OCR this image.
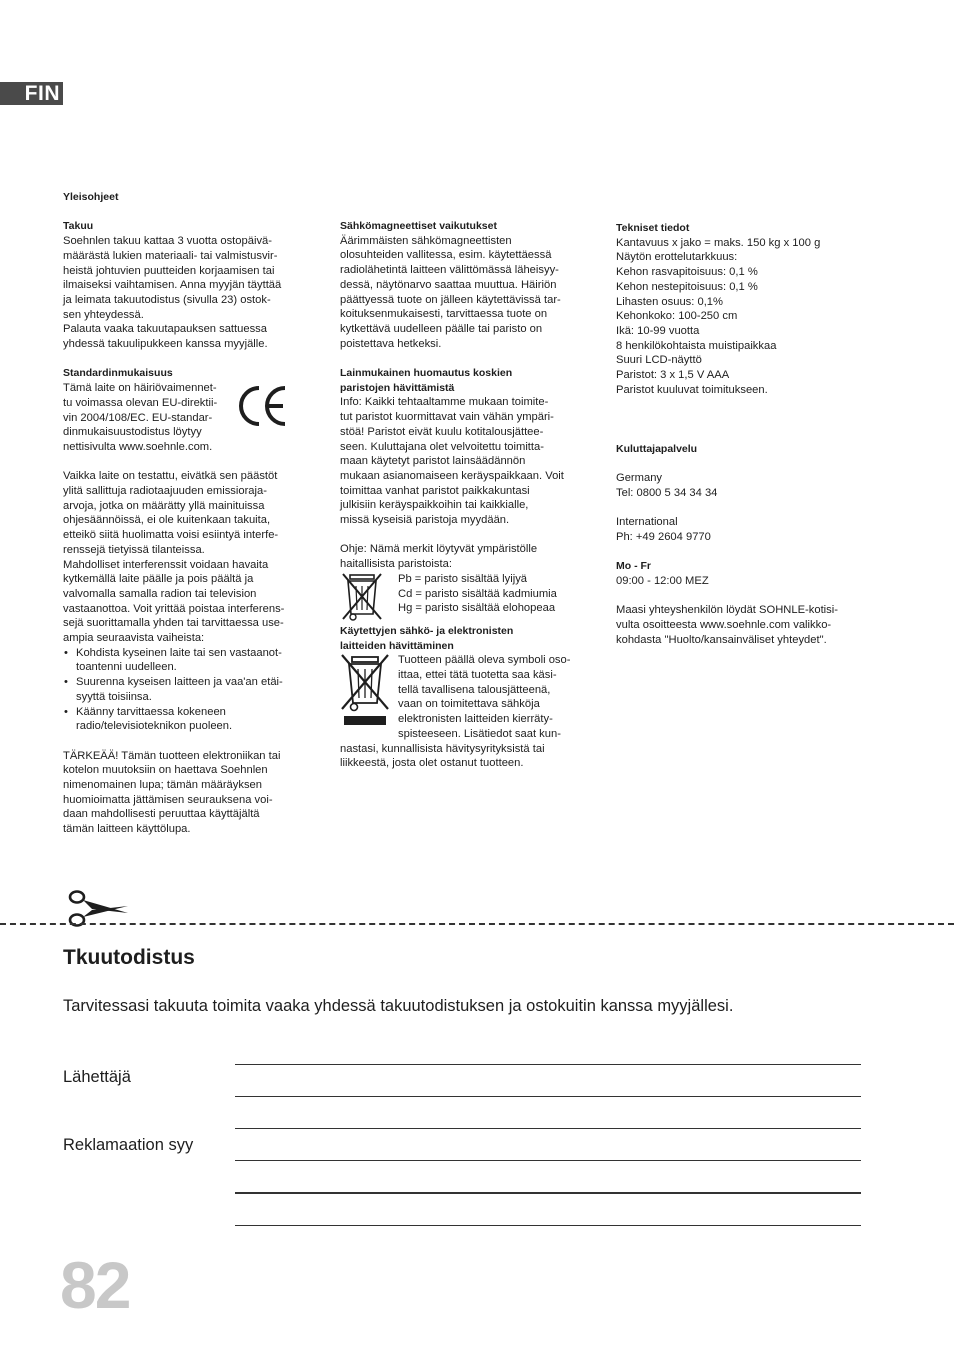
FIN

Yleisohjeet

Takuu

Soehnlen takuu kattaa 3 vuotta ostopäivä-
määrästä lukien materiaali- tai valmistusvir-
heistä johtuvien puutteiden korjaamisen tai
ilmaiseksi vaihtamisen. Anna myyjän täyttää
ja leimata takuutodistus (sivulla 23) ostok-
sen yhteydessä.
Palauta vaaka takuutapauksen sattuessa
yhdessä takuulipukkeen kanssa myyjälle.

Standardinmukaisuus

Tämä laite on häiriövaimennet-
tu voimassa olevan EU-direktii-
vin 2004/108/EC. EU-standar-
dinmukaisuustodistus löytyy
nettisivulta www.soehnle.com.
Vaikka laite on testattu, eivätkä sen päästöt
ylitä sallittuja radiotaajuuden emissioraja-
arvoja, jotka on määrätty yllä mainituissa
ohjesäännöissä, ei ole kuitenkaan takuita,
etteikö siitä huolimatta voisi esiintyä interfe-
renssejä tietyissä tilanteissa.
Mahdolliset interferenssit voidaan havaita
kytkemällä laite päälle ja pois päältä ja
valvomalla samalla radion tai television
vastaanottoa. Voit yrittää poistaa interferens-
sejä suorittamalla yhden tai tarvittaessa use-
ampia seuraavista vaiheista:
• Kohdista kyseinen laite tai sen vastaanot-
toantenni uudelleen.
• Suurenna kyseisen laitteen ja vaa'an etäi-
syyttä toisiinsa.
• Käänny tarvittaessa kokeneen
radio/televisioteknikon puoleen.
TÄRKEÄÄ! Tämän tuotteen elektroniikan tai
kotelon muutoksiin on haettava Soehnlen
nimenomainen lupa; tämän määräyksen
huomioimatta jättämisen seurauksena voi-
daan mahdollisesti peruuttaa käyttäjältä
tämän laitteen käyttölupa.

Sähkömagneettiset vaikutukset

Äärimmäisten sähkömagneettisten
olosuhteiden vallitessa, esim. käytettäessä
radiolähetintä laitteen välittömässä läheisyy-
dessä, näytönarvo saattaa muuttua. Häiriön
päättyessä tuote on jälleen käytettävissä tar-
koituksenmukaisesti, tarvittaessa tuote on
kytkettävä uudelleen päälle tai paristo on
poistettava hetkeksi.
Lainmukainen huomautus koskien
paristojen hävittämistä
Info: Kaikki tehtaaltamme mukaan toimite-
tut paristot kuormittavat vain vähän ympäri-
stöä! Paristot eivät kuulu kotitalousjättee-
seen. Kuluttajana olet velvoitettu toimitta-
maan käytetyt paristot lainsäädännön
mukaan asianomaiseen keräyspaikkaan. Voit
toimittaa vanhat paristot paikkakuntasi
julkisiin keräyspaikkoihin tai kaikkialle,
missä kyseisiä paristoja myydään.
Ohje: Nämä merkit löytyvät ympäristölle
haitallisista paristoista:
Pb = paristo sisältää lyijyä
Cd = paristo sisältää kadmiumia
Hg = paristo sisältää elohopeaa
Käytettyjen sähkö- ja elektronisten
laitteiden hävittäminen
Tuotteen päällä oleva symboli oso-
ittaa, ettei tätä tuotetta saa käsi-
tellä tavallisena talousjätteenä,
vaan on toimitettava sähköja
elektronisten laitteiden kierräty-
spisteeseen. Lisätiedot saat kun-
nastasi, kunnallisista hävitysyrityksistä tai
liikkeestä, josta olet ostanut tuotteen.

Tekniset tiedot

Kantavuus x jako = maks. 150 kg x 100 g
Näytön erottelutarkkuus:
Kehon rasvapitoisuus: 0,1 %
Kehon nestepitoisuus: 0,1 %
Lihasten osuus: 0,1%
Kehonkoko: 100-250 cm
Ikä: 10-99 vuotta
8 henkilökohtaista muistipaikkaa
Suuri LCD-näyttö
Paristot: 3 x 1,5 V AAA
Paristot kuuluvat toimitukseen.

Kuluttajapalvelu

Germany
Tel: 0800 5 34 34 34
International
Ph: +49 2604 9770

Mo - Fr

09:00 - 12:00 MEZ

Maasi yhteyshenkilön löydät SOHNLE-kotisi-
vulta osoitteesta www.soehnle.com valikko-
kohdasta "Huolto/kansainväliset yhteydet".
Tkuutodistus
Tarvitessasi takuuta toimita vaaka yhdessä takuutodistuksen ja ostokuitin kanssa myyjällesi.
Lähettäjä
Reklamaation syy
82
